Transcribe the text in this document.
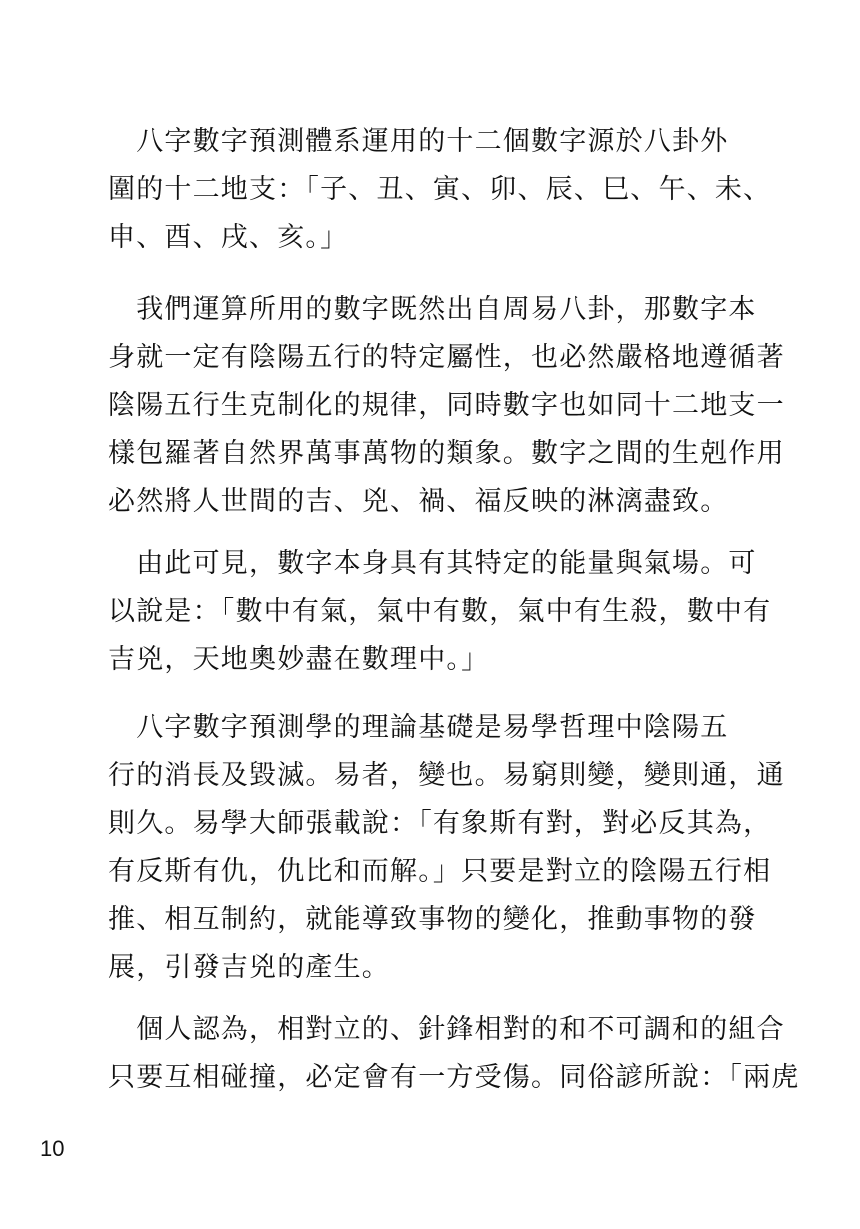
　八字數字預測體系運用的十二個數字源於八卦外
圍的十二地支：「子、丑、寅、卯、辰、巳、午、未、
申、酉、戌、亥。」
　我們運算所用的數字既然出自周易八卦，那數字本
身就一定有陰陽五行的特定屬性，也必然嚴格地遵循著
陰陽五行生克制化的規律，同時數字也如同十二地支一
樣包羅著自然界萬事萬物的類象。數字之間的生剋作用
必然將人世間的吉、兇、禍、福反映的淋漓盡致。
　由此可見，數字本身具有其特定的能量與氣場。可
以說是：「數中有氣，氣中有數，氣中有生殺，數中有
吉兇，天地奧妙盡在數理中。」
　八字數字預測學的理論基礎是易學哲理中陰陽五
行的消長及毀滅。易者，變也。易窮則變，變則通，通
則久。易學大師張載說：「有象斯有對，對必反其為，
有反斯有仇，仇比和而解。」只要是對立的陰陽五行相
推、相互制約，就能導致事物的變化，推動事物的發
展，引發吉兇的產生。
　個人認為，相對立的、針鋒相對的和不可調和的組合
只要互相碰撞，必定會有一方受傷。同俗諺所說：「兩虎
10
